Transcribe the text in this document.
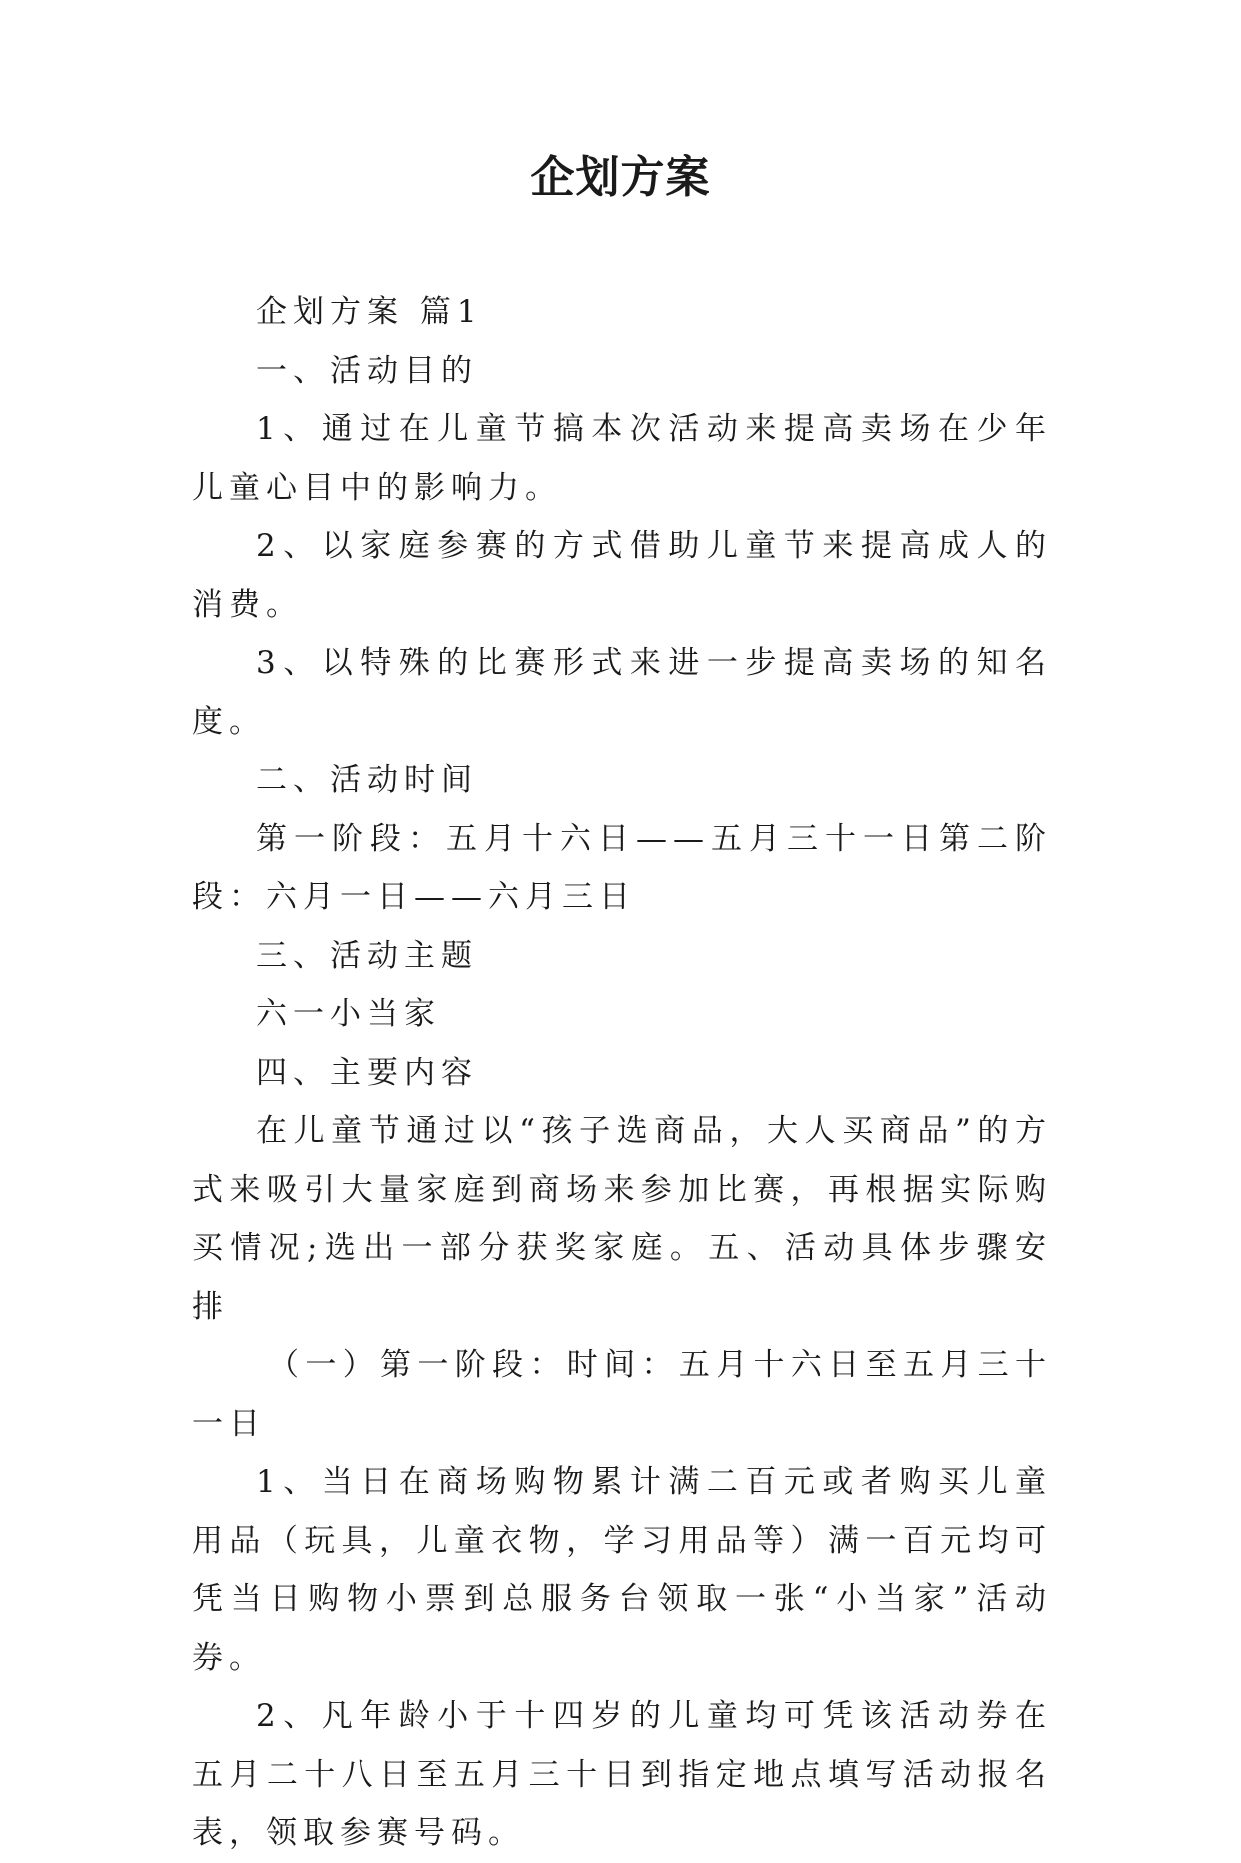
企划方案

企划方案 篇1

一、活动目的

1、通过在儿童节搞本次活动来提高卖场在少年儿童心目中的影响力。

2、以家庭参赛的方式借助儿童节来提高成人的消费。

3、以特殊的比赛形式来进一步提高卖场的知名度。

二、活动时间

第一阶段：五月十六日——五月三十一日第二阶段：六月一日——六月三日

三、活动主题

六一小当家

四、主要内容

在儿童节通过以“孩子选商品，大人买商品”的方式来吸引大量家庭到商场来参加比赛，再根据实际购买情况;选出一部分获奖家庭。五、活动具体步骤安排

（一）第一阶段：时间：五月十六日至五月三十一日

1、当日在商场购物累计满二百元或者购买儿童用品（玩具，儿童衣物，学习用品等）满一百元均可凭当日购物小票到总服务台领取一张“小当家”活动券。

2、凡年龄小于十四岁的儿童均可凭该活动券在五月二十八日至五月三十日到指定地点填写活动报名表，领取参赛号码。
